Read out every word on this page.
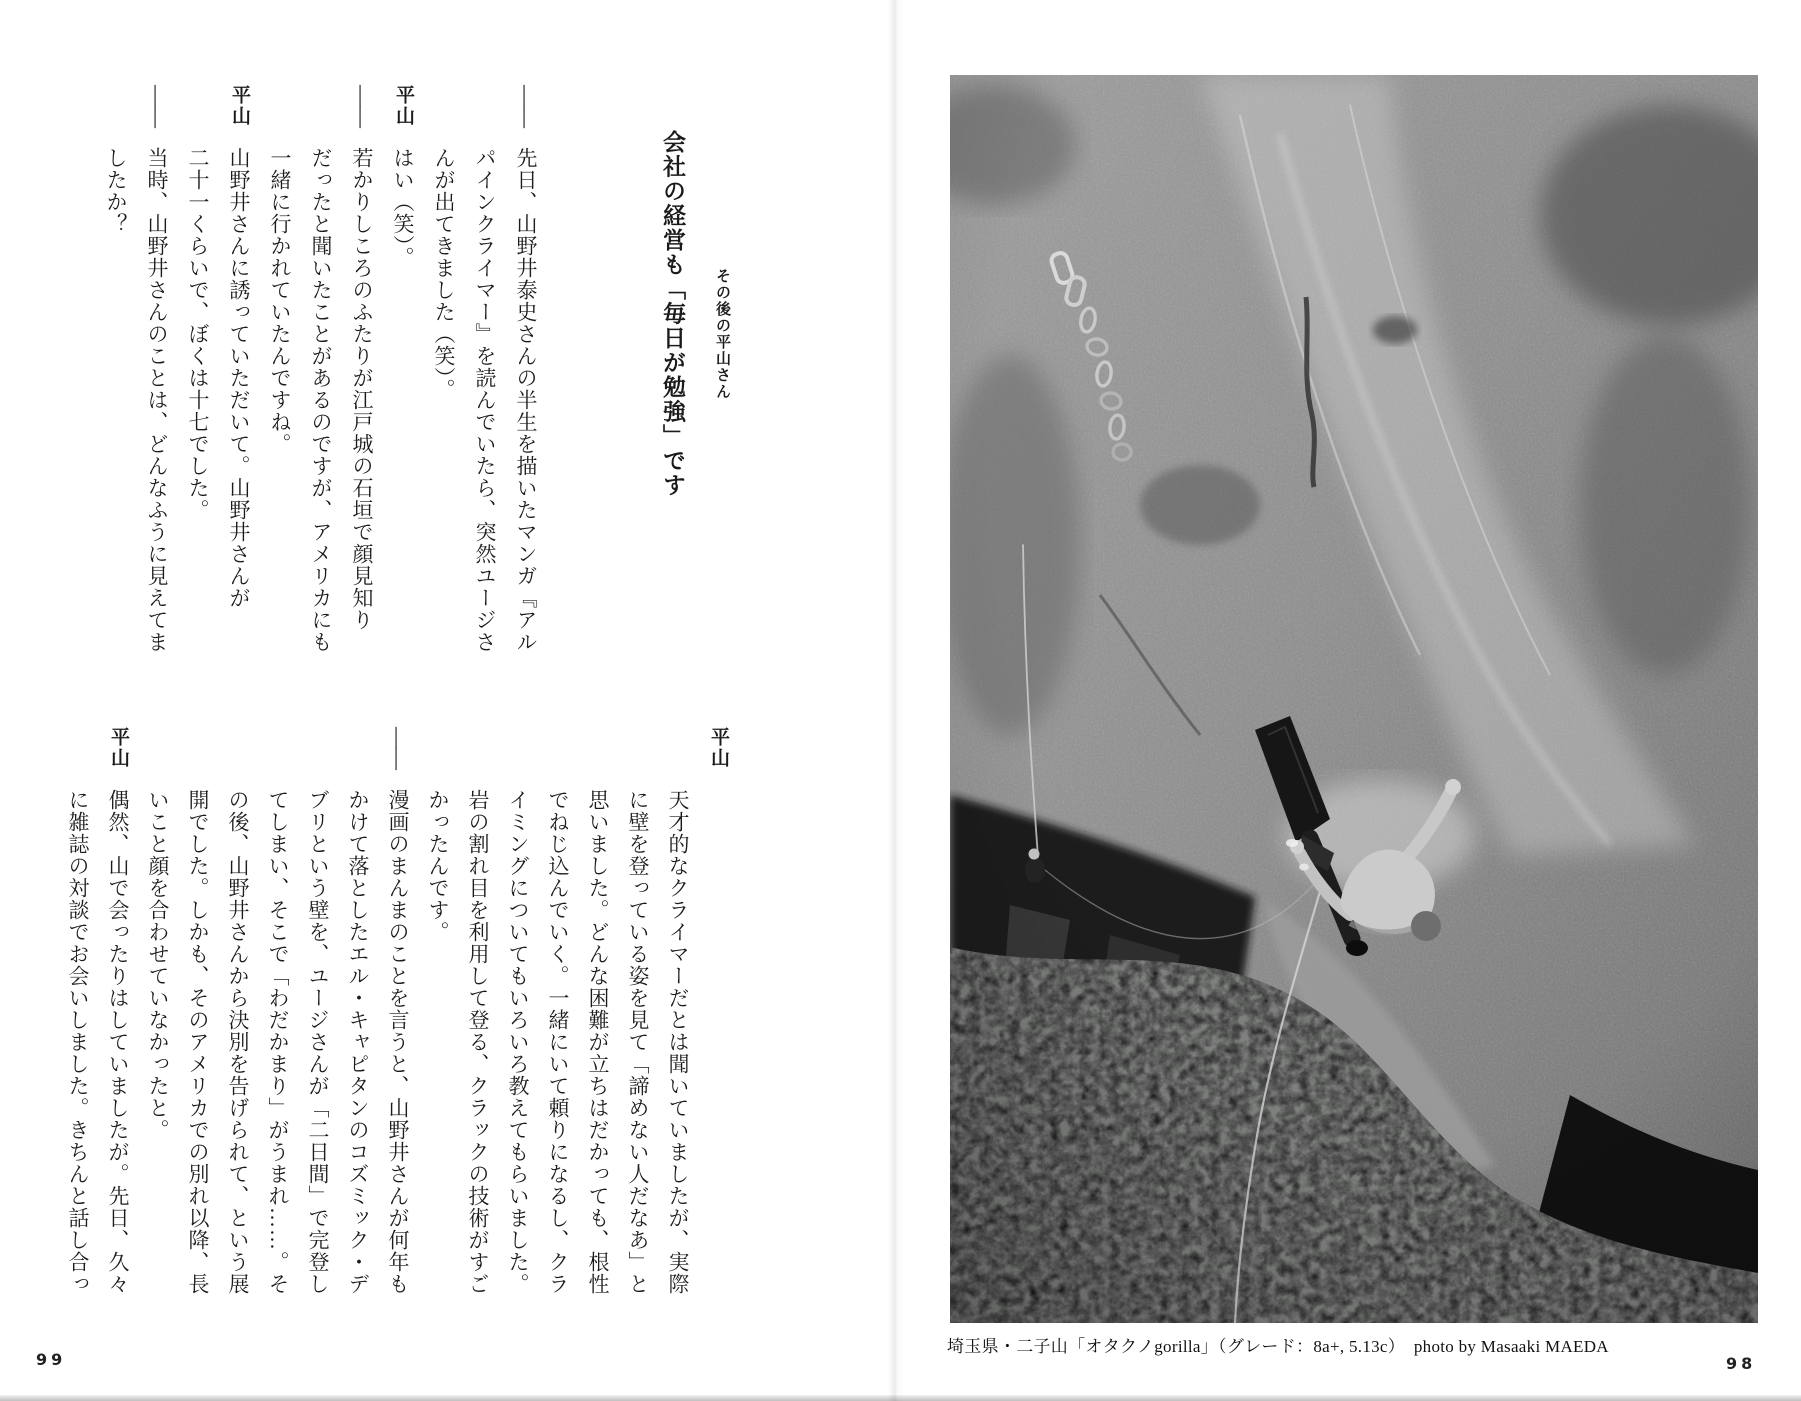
その後の平山さん
会社の経営も「毎日が勉強」です
――先日、山野井泰史さんの半生を描いたマンガ『アル
パインクライマー』を読んでいたら、突然ユージさ
んが出てきました（笑）。
平山はい（笑）。
――若かりしころのふたりが江戸城の石垣で顔見知り
だったと聞いたことがあるのですが、アメリカにも
一緒に行かれていたんですね。
平山山野井さんに誘っていただいて。山野井さんが
二十一くらいで、ぼくは十七でした。
――当時、山野井さんのことは、どんなふうに見えてま
したか？
平山
天才的なクライマーだとは聞いていましたが、実際
に壁を登っている姿を見て「諦めない人だなあ」と
思いました。どんな困難が立ちはだかっても、根性
でねじ込んでいく。一緒にいて頼りになるし、クラ
イミングについてもいろいろ教えてもらいました。
岩の割れ目を利用して登る、クラックの技術がすご
かったんです。
――漫画のまんまのことを言うと、山野井さんが何年も
かけて落としたエル・キャピタンのコズミック・デ
ブリという壁を、ユージさんが「二日間」で完登し
てしまい、そこで「わだかまり」がうまれ……。そ
の後、山野井さんから決別を告げられて、という展
開でした。しかも、そのアメリカでの別れ以降、長
いこと顔を合わせていなかったと。
平山偶然、山で会ったりはしていましたが。先日、久々
に雑誌の対談でお会いしました。きちんと話し合っ
99
埼玉県・二子山「オタクノgorilla」（グレード：8a+, 5.13c）　photo by Masaaki MAEDA
98
